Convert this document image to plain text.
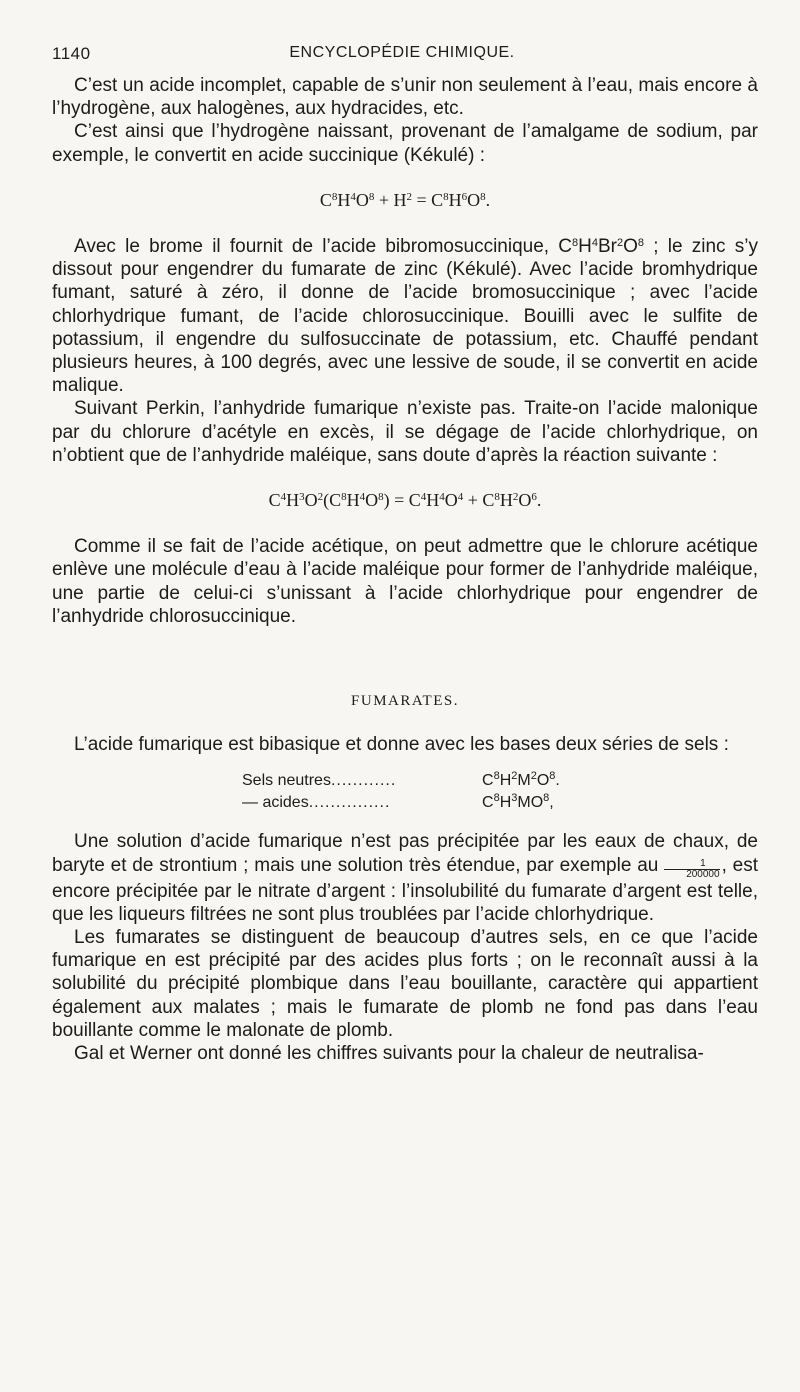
1140	ENCYCLOPÉDIE CHIMIQUE.

C’est un acide incomplet, capable de s’unir non seulement à l’eau, mais encore à l’hydrogène, aux halogènes, aux hydracides, etc.

C’est ainsi que l’hydrogène naissant, provenant de l’amalgame de sodium, par exemple, le convertit en acide succinique (Kékulé) :

$C^8H^4O^8 + H^2 = C^8H^6O^8$.

Avec le brome il fournit de l’acide bibromosuccinique, $C^8H^4Br^2O^8$ ; le zinc s’y dissout pour engendrer du fumarate de zinc (Kékulé). Avec l’acide bromhydrique fumant, saturé à zéro, il donne de l’acide bromosuccinique ; avec l’acide chlorhydrique fumant, de l’acide chlorosuccinique. Bouilli avec le sulfite de potassium, il engendre du sulfosuccinate de potassium, etc. Chauffé pendant plusieurs heures, à 100 degrés, avec une lessive de soude, il se convertit en acide malique.

Suivant Perkin, l’anhydride fumarique n’existe pas. Traite-on l’acide malonique par du chlorure d’acétyle en excès, il se dégage de l’acide chlorhydrique, on n’obtient que de l’anhydride maléique, sans doute d’après la réaction suivante :

$C^4H^3O^2(C^8H^4O^8) = C^4H^4O^4 + C^8H^2O^6$.

Comme il se fait de l’acide acétique, on peut admettre que le chlorure acétique enlève une molécule d’eau à l’acide maléique pour former de l’anhydride maléique, une partie de celui-ci s’unissant à l’acide chlorhydrique pour engendrer de l’anhydride chlorosuccinique.

FUMARATES.

L’acide fumarique est bibasique et donne avec les bases deux séries de sels :

Sels neutres............	$C^8H^2M^2O^8$.
— acides...............	$C^8H^3MO^8$,

Une solution d’acide fumarique n’est pas précipitée par les eaux de chaux, de baryte et de strontium ; mais une solution très étendue, par exemple au $\frac{1}{200000}$ , est encore précipitée par le nitrate d’argent : l’insolubilité du fumarate d’argent est telle, que les liqueurs filtrées ne sont plus troublées par l’acide chlorhydrique.

Les fumarates se distinguent de beaucoup d’autres sels, en ce que l’acide fumarique en est précipité par des acides plus forts ; on le reconnaît aussi à la solubilité du précipité plombique dans l’eau bouillante, caractère qui appartient également aux malates ; mais le fumarate de plomb ne fond pas dans l’eau bouillante comme le malonate de plomb.

Gal et Werner ont donné les chiffres suivants pour la chaleur de neutralisa-
